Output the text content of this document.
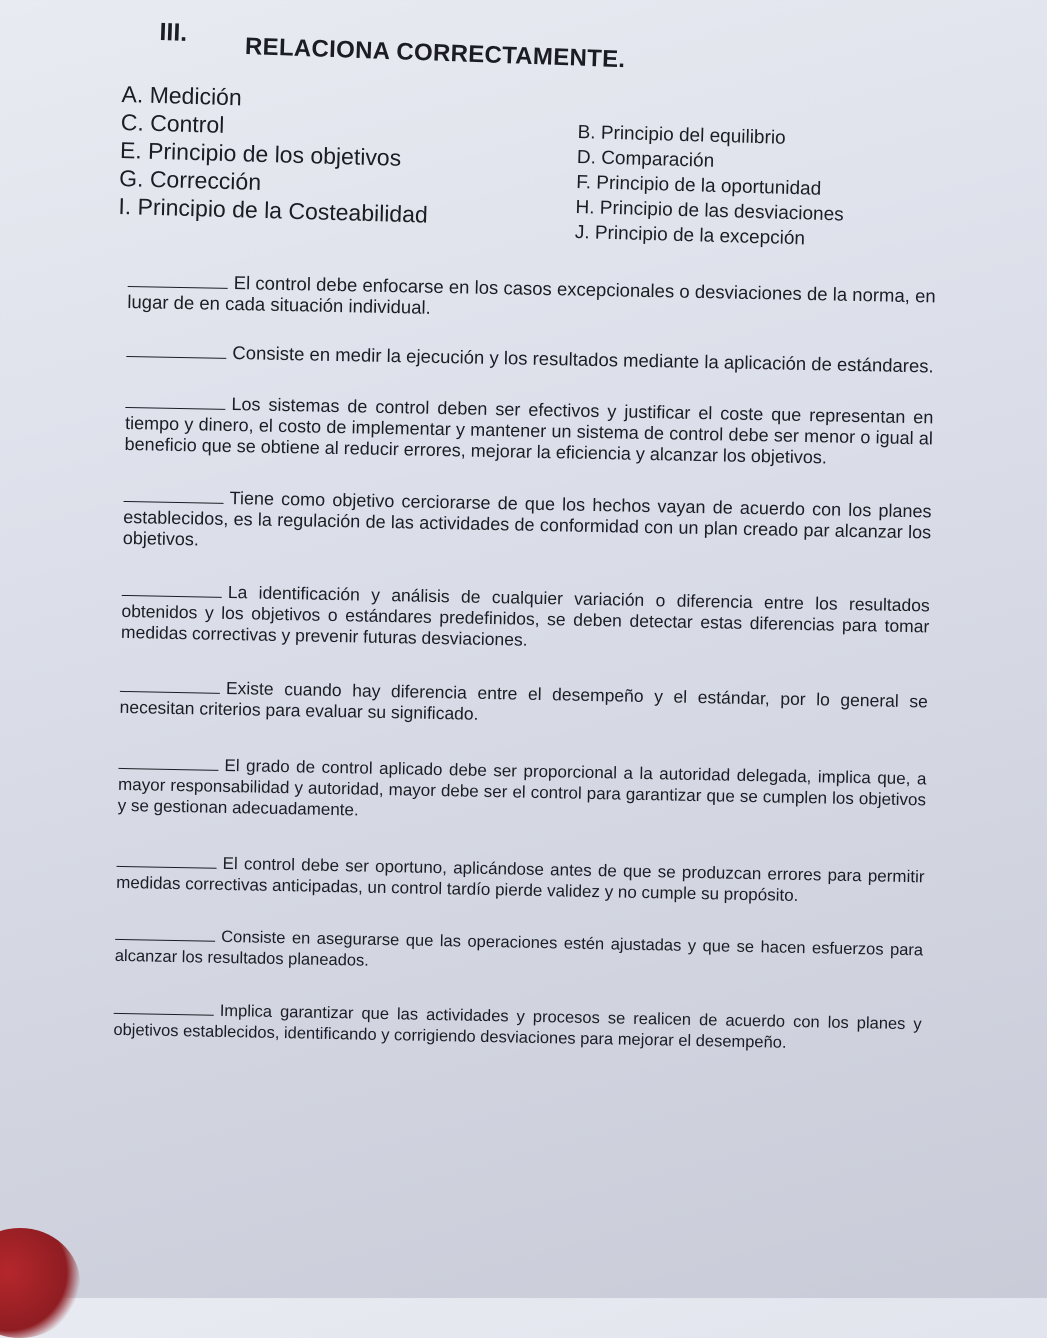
III.
RELACIONA CORRECTAMENTE.
A. Medición
C. Control
E. Principio de los objetivos
G. Corrección
I. Principio de la Costeabilidad
B. Principio del equilibrio
D. Comparación
F. Principio de la oportunidad
H. Principio de las desviaciones
J. Principio de la excepción

El control debe enfocarse en los casos excepcionales o desviaciones de la norma, en lugar de en cada situación individual.

Consiste en medir la ejecución y los resultados mediante la aplicación de estándares.

Los sistemas de control deben ser efectivos y justificar el coste que representan en tiempo y dinero, el costo de implementar y mantener un sistema de control debe ser menor o igual al beneficio que se obtiene al reducir errores, mejorar la eficiencia y alcanzar los objetivos.

Tiene como objetivo cerciorarse de que los hechos vayan de acuerdo con los planes establecidos, es la regulación de las actividades de conformidad con un plan creado par alcanzar los objetivos.

La identificación y análisis de cualquier variación o diferencia entre los resultados obtenidos y los objetivos o estándares predefinidos, se deben detectar estas diferencias para tomar medidas correctivas y prevenir futuras desviaciones.

Existe cuando hay diferencia entre el desempeño y el estándar, por lo general se necesitan criterios para evaluar su significado.

El grado de control aplicado debe ser proporcional a la autoridad delegada, implica que, a mayor responsabilidad y autoridad, mayor debe ser el control para garantizar que se cumplen los objetivos y se gestionan adecuadamente.

El control debe ser oportuno, aplicándose antes de que se produzcan errores para permitir medidas correctivas anticipadas, un control tardío pierde validez y no cumple su propósito.

Consiste en asegurarse que las operaciones estén ajustadas y que se hacen esfuerzos para alcanzar los resultados planeados.

Implica garantizar que las actividades y procesos se realicen de acuerdo con los planes y objetivos establecidos, identificando y corrigiendo desviaciones para mejorar el desempeño.
